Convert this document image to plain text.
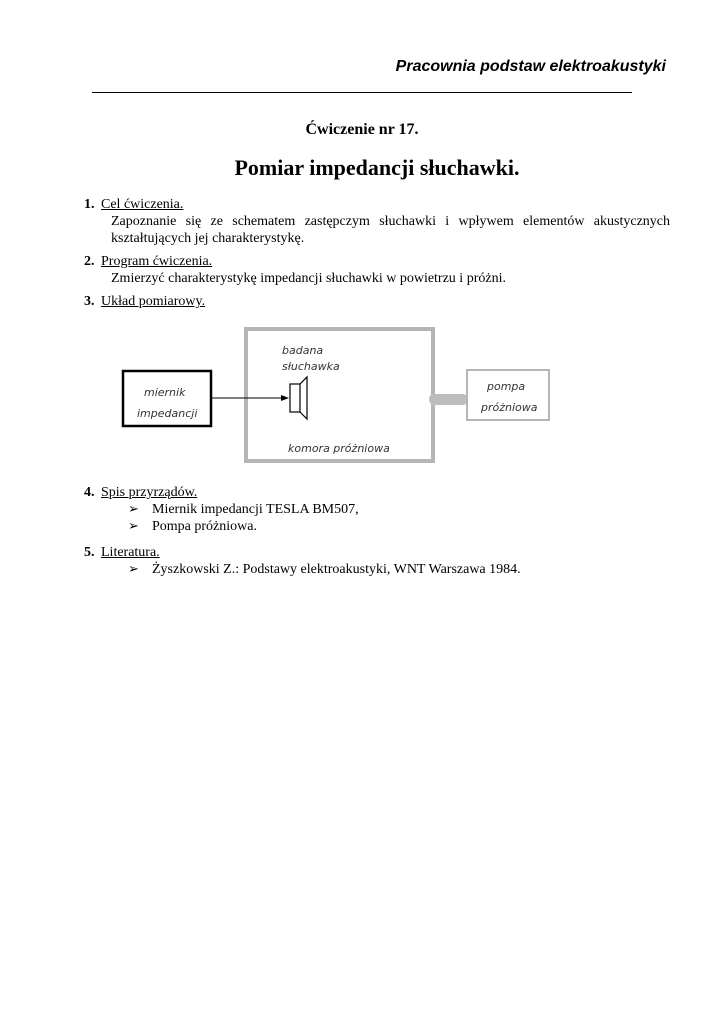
Pracownia podstaw elektroakustyki
Ćwiczenie nr 17.
Pomiar impedancji słuchawki.
1. Cel ćwiczenia.
Zapoznanie się ze schematem zastępczym słuchawki i wpływem elementów akustycznych kształtujących jej charakterystykę.
2. Program ćwiczenia.
Zmierzyć charakterystykę impedancji słuchawki w powietrzu i próżni.
3. Układ pomiarowy.
miernik
impedancji
badana
słuchawka
komora próżniowa
pompa
próżniowa
4. Spis przyrządów.
➢ Miernik impedancji TESLA BM507,
➢ Pompa próżniowa.
5. Literatura.
➢ Żyszkowski Z.: Podstawy elektroakustyki, WNT Warszawa 1984.
